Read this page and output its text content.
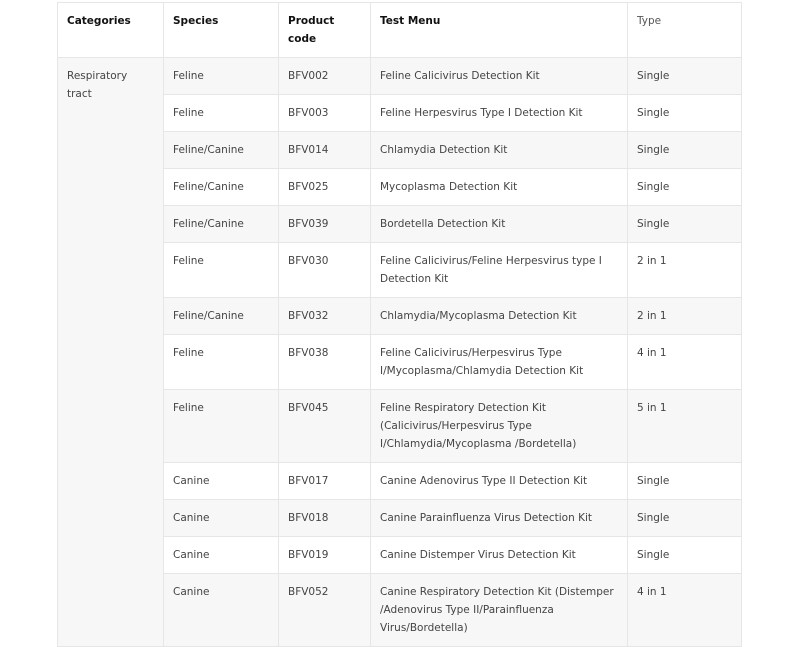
Categories	Species	Product code	Test Menu	Type
Respiratory tract	Feline	BFV002	Feline Calicivirus Detection Kit	Single
	Feline	BFV003	Feline Herpesvirus Type I Detection Kit	Single
	Feline/Canine	BFV014	Chlamydia Detection Kit	Single
	Feline/Canine	BFV025	Mycoplasma Detection Kit	Single
	Feline/Canine	BFV039	Bordetella Detection Kit	Single
	Feline	BFV030	Feline Calicivirus/Feline Herpesvirus type I Detection Kit	2 in 1
	Feline/Canine	BFV032	Chlamydia/Mycoplasma Detection Kit	2 in 1
	Feline	BFV038	Feline Calicivirus/Herpesvirus Type I/Mycoplasma/Chlamydia Detection Kit	4 in 1
	Feline	BFV045	Feline Respiratory Detection Kit (Calicivirus/Herpesvirus Type I/Chlamydia/Mycoplasma /Bordetella)	5 in 1
	Canine	BFV017	Canine Adenovirus Type II Detection Kit	Single
	Canine	BFV018	Canine Parainfluenza Virus Detection Kit	Single
	Canine	BFV019	Canine Distemper Virus Detection Kit	Single
	Canine	BFV052	Canine Respiratory Detection Kit (Distemper /Adenovirus Type II/Parainfluenza Virus/Bordetella)	4 in 1
